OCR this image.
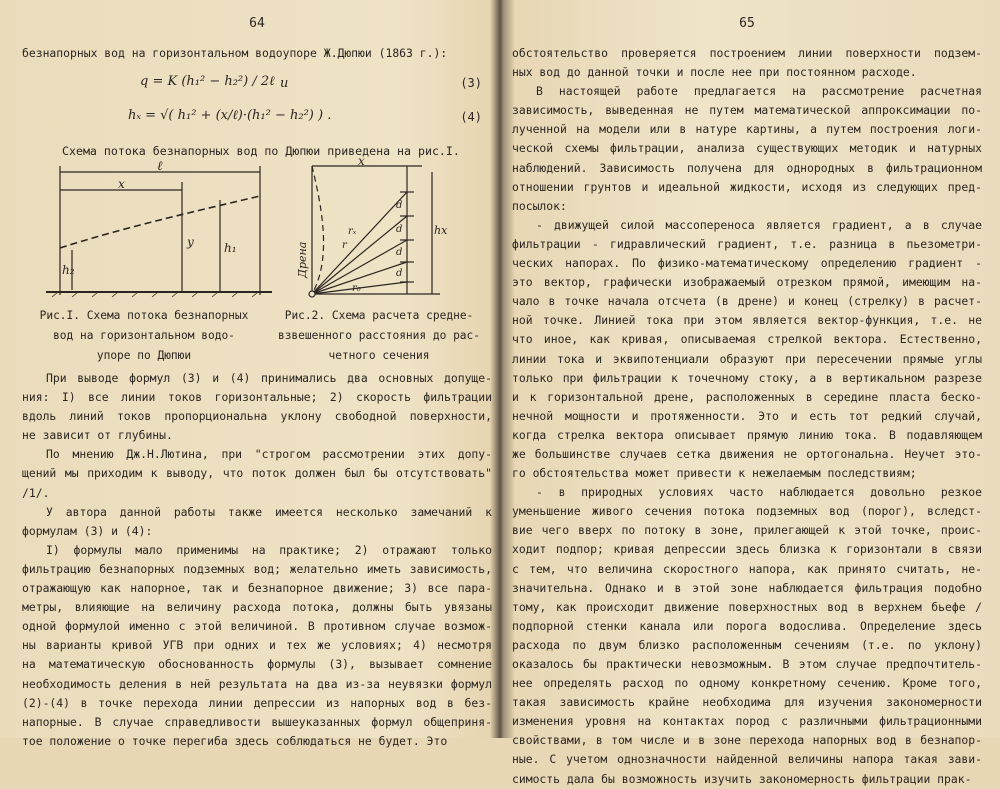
64
безнапорных вод на горизонтальном водоупоре Ж.Дюпюи (1863 г.):
q = K (h₁² − h₂²) / 2ℓ и	(3)
hₓ = √( h₁² + (x/ℓ)·(h₁² − h₂²) ) .	(4)
Схема потока безнапорных вод по Дюпюи приведена на рис.I.
ℓ
x
y
h₂
h₁
x
hx
d
d
d
d
r₀
r
rₓ
Дрена
Рис.I. Схема потока безнапорных
вод на горизонтальном водо-
упоре по Дюпюи
Рис.2. Схема расчета средне-
взвешенного расстояния до рас-
четного сечения
При выводе формул (3) и (4) принимались два основных допуще-
ния: I) все линии токов горизонтальные; 2) скорость фильтрации
вдоль линий токов пропорциональна уклону свободной поверхности,
не зависит от глубины.
По мнению Дж.Н.Лютина, при "строгом рассмотрении этих допу-
щений мы приходим к выводу, что поток должен был бы отсутствовать"
/1/.
У автора данной работы также имеется несколько замечаний к
формулам (3) и (4):
I) формулы мало применимы на практике; 2) отражают только
фильтрацию безнапорных подземных вод; желательно иметь зависимость,
отражающую как напорное, так и безнапорное движение; 3) все пара-
метры, влияющие на величину расхода потока, должны быть увязаны
одной формулой именно с этой величиной. В противном случае возмож-
ны варианты кривой УГВ при одних и тех же условиях; 4) несмотря
на математическую обоснованность формулы (3), вызывает сомнение
необходимость деления в ней результата на два из-за неувязки формул
(2)-(4) в точке перехода линии депрессии из напорных вод в без-
напорные. В случае справедливости вышеуказанных формул общеприня-
тое положение о точке перегиба здесь соблюдаться не будет. Это
65
обстоятельство проверяется построением линии поверхности подзем-
ных вод до данной точки и после нее при постоянном расходе.
В настоящей работе предлагается на рассмотрение расчетная
зависимость, выведенная не путем математической аппроксимации по-
лученной на модели или в натуре картины, а путем построения логи-
ческой схемы фильтрации, анализа существующих методик и натурных
наблюдений. Зависимость получена для однородных в фильтрационном
отношении грунтов и идеальной жидкости, исходя из следующих пред-
посылок:
- движущей силой массопереноса является градиент, а в случае
фильтрации - гидравлический градиент, т.е. разница в пьезометри-
ческих напорах. По физико-математическому определению градиент -
это вектор, графически изображаемый отрезком прямой, имеющим на-
чало в точке начала отсчета (в дрене) и конец (стрелку) в расчет-
ной точке. Линией тока при этом является вектор-функция, т.е. не
что иное, как кривая, описываемая стрелкой вектора. Естественно,
линии тока и эквипотенциали образуют при пересечении прямые углы
только при фильтрации к точечному стоку, а в вертикальном разрезе
и к горизонтальной дрене, расположенных в середине пласта беско-
нечной мощности и протяженности. Это и есть тот редкий случай,
когда стрелка вектора описывает прямую линию тока. В подавляющем
же большинстве случаев сетка движения не ортогональна. Неучет это-
го обстоятельства может привести к нежелаемым последствиям;
- в природных условиях часто наблюдается довольно резкое
уменьшение живого сечения потока подземных вод (порог), вследст-
вие чего вверх по потоку в зоне, прилегающей к этой точке, проис-
ходит подпор; кривая депрессии здесь близка к горизонтали в связи
с тем, что величина скоростного напора, как принято считать, не-
значительна. Однако и в этой зоне наблюдается фильтрация подобно
тому, как происходит движение поверхностных вод в верхнем бьефе /
подпорной стенки канала или порога водослива. Определение здесь
расхода по двум близко расположенным сечениям (т.е. по уклону)
оказалось бы практически невозможным. В этом случае предпочтитель-
нее определять расход по одному конкретному сечению. Кроме того,
такая зависимость крайне необходима для изучения закономерности
изменения уровня на контактах пород с различными фильтрационными
свойствами, в том числе и в зоне перехода напорных вод в безнапор-
ные. С учетом однозначности найденной величины напора такая зави-
симость дала бы возможность изучить закономерность фильтрации прак-
